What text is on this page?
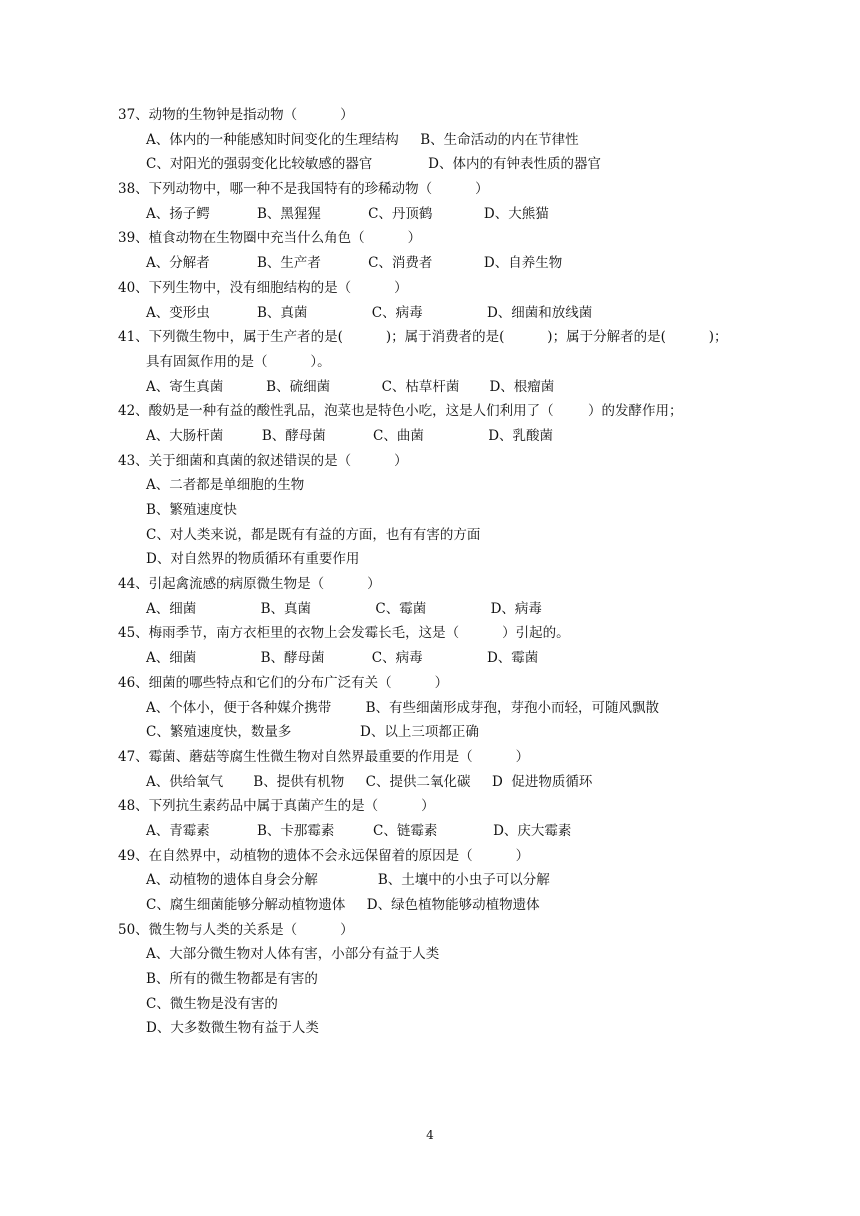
37、动物的生物钟是指动物（          ）
A、体内的一种能感知时间变化的生理结构     B、生命活动的内在节律性
C、对阳光的强弱变化比较敏感的器官             D、体内的有钟表性质的器官
38、下列动物中，哪一种不是我国特有的珍稀动物（          ）
A、扬子鳄           B、黑猩猩           C、丹顶鹤            D、大熊猫
39、植食动物在生物圈中充当什么角色（          ）
A、分解者           B、生产者           C、消费者            D、自养生物
40、下列生物中，没有细胞结构的是（          ）
A、变形虫           B、真菌               C、病毒               D、细菌和放线菌
41、下列微生物中，属于生产者的是(          )；属于消费者的是(          )；属于分解者的是(          )；
具有固氮作用的是（          ）。
A、寄生真菌          B、硫细菌            C、枯草杆菌       D、根瘤菌
42、酸奶是一种有益的酸性乳品，泡菜也是特色小吃，这是人们利用了（        ）的发酵作用；
A、大肠杆菌         B、酵母菌           C、曲菌               D、乳酸菌
43、关于细菌和真菌的叙述错误的是（          ）
A、二者都是单细胞的生物
B、繁殖速度快
C、对人类来说，都是既有有益的方面，也有有害的方面
D、对自然界的物质循环有重要作用
44、引起禽流感的病原微生物是（          ）
A、细菌               B、真菌               C、霉菌               D、病毒
45、梅雨季节，南方衣柜里的衣物上会发霉长毛，这是（          ）引起的。
A、细菌               B、酵母菌           C、病毒               D、霉菌
46、细菌的哪些特点和它们的分布广泛有关（          ）
A、个体小，便于各种媒介携带        B、有些细菌形成芽孢，芽孢小而轻，可随风飘散
C、繁殖速度快，数量多                D、以上三项都正确
47、霉菌、蘑菇等腐生性微生物对自然界最重要的作用是（          ）
A、供给氧气       B、提供有机物     C、提供二氧化碳     D  促进物质循环
48、下列抗生素药品中属于真菌产生的是（          ）
A、青霉素           B、卡那霉素         C、链霉素             D、庆大霉素
49、在自然界中，动植物的遗体不会永远保留着的原因是（          ）
A、动植物的遗体自身会分解              B、土壤中的小虫子可以分解
C、腐生细菌能够分解动植物遗体     D、绿色植物能够动植物遗体
50、微生物与人类的关系是（          ）
A、大部分微生物对人体有害，小部分有益于人类
B、所有的微生物都是有害的
C、微生物是没有害的
D、大多数微生物有益于人类
4
